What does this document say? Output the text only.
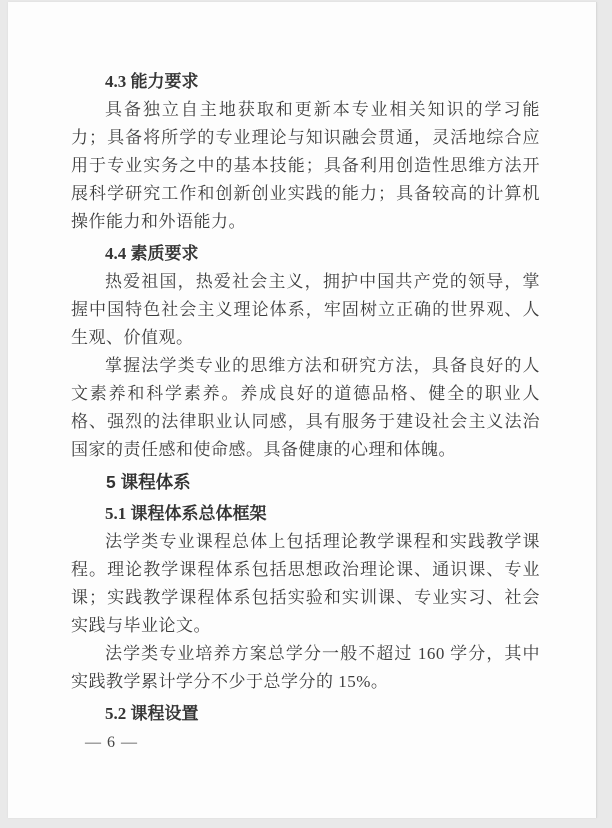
4.3 能力要求

具备独立自主地获取和更新本专业相关知识的学习能力；具备将所学的专业理论与知识融会贯通，灵活地综合应用于专业实务之中的基本技能；具备利用创造性思维方法开展科学研究工作和创新创业实践的能力；具备较高的计算机操作能力和外语能力。

4.4 素质要求

热爱祖国，热爱社会主义，拥护中国共产党的领导，掌握中国特色社会主义理论体系，牢固树立正确的世界观、人生观、价值观。

掌握法学类专业的思维方法和研究方法，具备良好的人文素养和科学素养。养成良好的道德品格、健全的职业人格、强烈的法律职业认同感，具有服务于建设社会主义法治国家的责任感和使命感。具备健康的心理和体魄。

5 课程体系
5.1 课程体系总体框架

法学类专业课程总体上包括理论教学课程和实践教学课程。理论教学课程体系包括思想政治理论课、通识课、专业课；实践教学课程体系包括实验和实训课、专业实习、社会实践与毕业论文。

法学类专业培养方案总学分一般不超过 160 学分，其中实践教学累计学分不少于总学分的 15%。

5.2 课程设置
— 6 —
